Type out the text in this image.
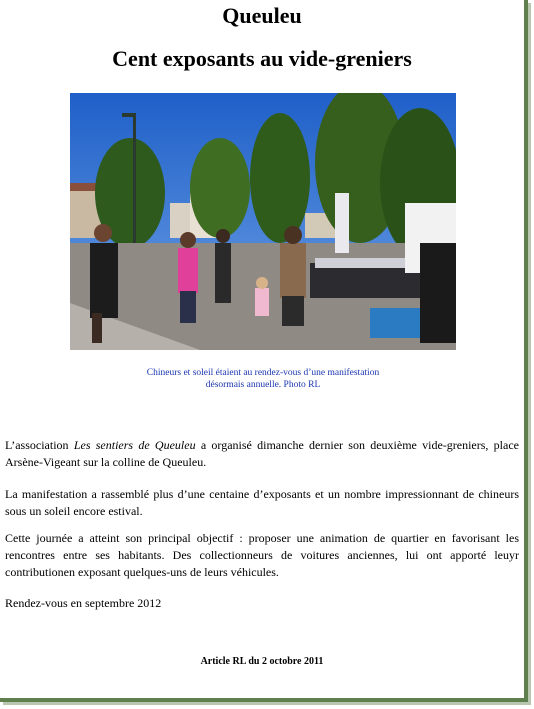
Queuleu
Cent exposants au vide-greniers
Chineurs et soleil étaient au rendez-vous d’une manifestation
désormais annuelle. Photo RL
L’association Les sentiers de Queuleu a organisé dimanche dernier son deuxième vide-greniers, place Arsène-Vigeant sur la colline de Queuleu.
La manifestation a rassemblé plus d’une centaine d’exposants et un nombre impressionnant de chineurs sous un soleil encore estival.
Cette journée a atteint son principal objectif : proposer une animation de quartier en favorisant les rencontres entre ses habitants. Des collectionneurs de voitures anciennes, lui ont apporté leuyr contributionen exposant quelques-uns de leurs véhicules.
Rendez-vous en septembre 2012
Article RL du 2 octobre 2011
